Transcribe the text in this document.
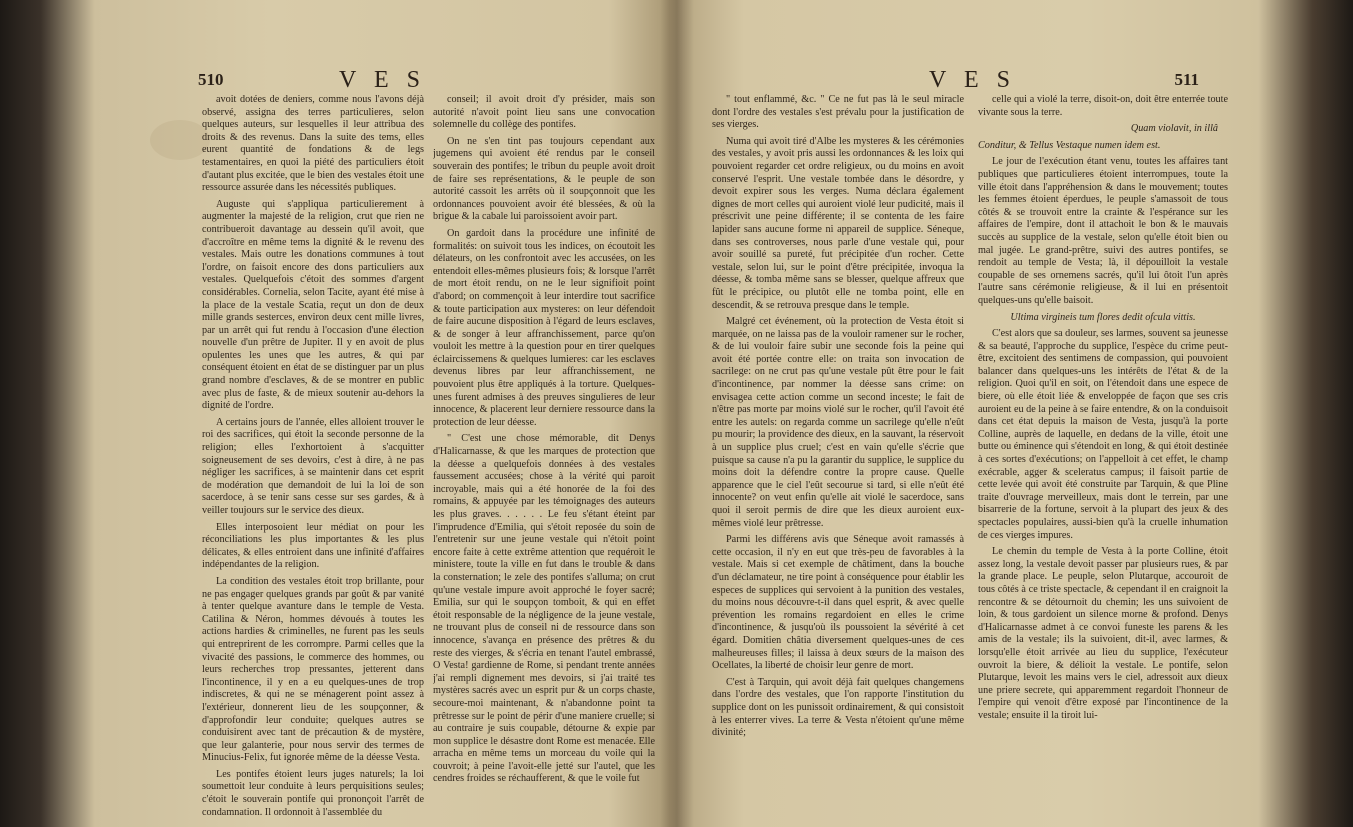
510	V E S

avoit dotées de deniers, comme nous l'avons déjà observé, assigna des terres particulieres, selon quelques auteurs, sur lesquelles il leur attribua des droits & des revenus. Dans la suite des tems, elles eurent quantité de fondations & de legs testamentaires, en quoi la piété des particuliers étoit d'autant plus excitée, que le bien des vestales étoit une ressource assurée dans les nécessités publiques.

Auguste qui s'appliqua particulierement à augmenter la majesté de la religion, crut que rien ne contribueroit davantage au dessein qu'il avoit, que d'accroître en même tems la dignité & le revenu des vestales. Mais outre les donations communes à tout l'ordre, on faisoit encore des dons particuliers aux vestales. Quelquefois c'étoit des sommes d'argent considérables. Cornelia, selon Tacite, ayant été mise à la place de la vestale Scatia, reçut un don de deux mille grands sesterces, environ deux cent mille livres, par un arrêt qui fut rendu à l'occasion d'une élection nouvelle d'un prêtre de Jupiter. Il y en avoit de plus opulentes les unes que les autres, & qui par conséquent étoient en état de se distinguer par un plus grand nombre d'esclaves, & de se montrer en public avec plus de faste, & de mieux soutenir au-dehors la dignité de l'ordre.

A certains jours de l'année, elles alloient trouver le roi des sacrifices, qui étoit la seconde personne de la religion; elles l'exhortoient à s'acquitter soigneusement de ses devoirs, c'est à dire, à ne pas négliger les sacrifices, à se maintenir dans cet esprit de modération que demandoit de lui la loi de son sacerdoce, à se tenir sans cesse sur ses gardes, & à veiller toujours sur le service des dieux.

Elles interposoient leur médiat on pour les réconciliations les plus importantes & les plus délicates, & elles entroient dans une infinité d'affaires indépendantes de la religion.

La condition des vestales étoit trop brillante, pour ne pas engager quelques grands par goût & par vanité à tenter quelque avanture dans le temple de Vesta. Catilina & Néron, hommes dévoués à toutes les actions hardies & criminelles, ne furent pas les seuls qui entreprirent de les corrompre. Parmi celles que la vivacité des passions, le commerce des hommes, ou leurs recherches trop pressantes, jetterent dans l'incontinence, il y en a eu quelques-unes de trop indiscretes, & qui ne se ménagerent point assez à l'extérieur, donnerent lieu de les soupçonner, & d'approfondir leur conduite; quelques autres se conduisirent avec tant de précaution & de mystère, que leur galanterie, pour nous servir des termes de Minucius-Felix, fut ignorée même de la déesse Vesta.

Les pontifes étoient leurs juges naturels; la loi soumettoit leur conduite à leurs perquisitions seules; c'étoit le souverain pontife qui prononçoit l'arrêt de condamnation. Il ordonnoit à l'assemblée du

conseil; il avoit droit d'y présider, mais son autorité n'avoit point lieu sans une convocation solemnelle du collège des pontifes.

On ne s'en tint pas toujours cependant aux jugemens qui avoient été rendus par le conseil souverain des pontifes; le tribun du peuple avoit droit de faire ses représentations, & le peuple de son autorité cassoit les arrêts où il soupçonnoit que les ordonnances pouvoient avoir été blessées, & où la brigue & la cabale lui paroissoient avoir part.

On gardoit dans la procédure une infinité de formalités: on suivoit tous les indices, on écoutoit les délateurs, on les confrontoit avec les accusées, on les entendoit elles-mêmes plusieurs fois; & lorsque l'arrêt de mort étoit rendu, on ne le leur signifioit point d'abord; on commençoit à leur interdire tout sacrifice & toute participation aux mysteres: on leur défendoit de faire aucune disposition à l'égard de leurs esclaves, & de songer à leur affranchissement, parce qu'on vouloit les mettre à la question pour en tirer quelques éclaircissemens & quelques lumieres: car les esclaves devenus libres par leur affranchissement, ne pouvoient plus être appliqués à la torture. Quelques-unes furent admises à des preuves singulieres de leur innocence, & placerent leur derniere ressource dans la protection de leur déesse.

" C'est une chose mémorable, dit Denys d'Halicarnasse, & que les marques de protection que la déesse a quelquefois données à des vestales faussement accusées; chose à la vérité qui paroit incroyable, mais qui a été honorée de la foi des romains, & appuyée par les témoignages des auteurs les plus graves. . . . . . Le feu s'étant éteint par l'imprudence d'Emilia, qui s'étoit reposée du soin de l'entretenir sur une jeune vestale qui n'étoit point encore faite à cette extrême attention que requéroit le ministere, toute la ville en fut dans le trouble & dans la consternation; le zele des pontifes s'alluma; on crut qu'une vestale impure avoit approché le foyer sacré; Emilia, sur qui le soupçon tomboit, & qui en effet étoit responsable de la négligence de la jeune vestale, ne trouvant plus de conseil ni de ressource dans son innocence, s'avança en présence des prêtres & du reste des vierges, & s'écria en tenant l'autel embrassé, O Vesta! gardienne de Rome, si pendant trente années j'ai rempli dignement mes devoirs, si j'ai traité tes mystères sacrés avec un esprit pur & un corps chaste, secoure-moi maintenant, & n'abandonne point ta prêtresse sur le point de périr d'une maniere cruelle; si au contraire je suis coupable, détourne & expie par mon supplice le désastre dont Rome est menacée. Elle arracha en même tems un morceau du voile qui la couvroit; à peine l'avoit-elle jetté sur l'autel, que les cendres froides se réchaufferent, & que le voile fut

V E S	511

" tout enflammé, &c. " Ce ne fut pas là le seul miracle dont l'ordre des vestales s'est prévalu pour la justification de ses vierges.

Numa qui avoit tiré d'Albe les mysteres & les cérémonies des vestales, y avoit pris aussi les ordonnances & les loix qui pouvoient regarder cet ordre religieux, ou du moins en avoit conservé l'esprit. Une vestale tombée dans le désordre, y devoit expirer sous les verges. Numa déclara également dignes de mort celles qui auroient violé leur pudicité, mais il préscrivit une peine différente; il se contenta de les faire lapider sans aucune forme ni appareil de supplice. Séneque, dans ses controverses, nous parle d'une vestale qui, pour avoir souillé sa pureté, fut précipitée d'un rocher. Cette vestale, selon lui, sur le point d'être précipitée, invoqua la déesse, & tomba même sans se blesser, quelque affreux que fût le précipice, ou plutôt elle ne tomba point, elle en descendit, & se retrouva presque dans le temple.

Malgré cet événement, où la protection de Vesta étoit si marquée, on ne laissa pas de la vouloir ramener sur le rocher, & de lui vouloir faire subir une seconde fois la peine qui avoit été portée contre elle: on traita son invocation de sacrilege: on ne crut pas qu'une vestale pût être pour le fait d'incontinence, par nommer la déesse sans crime: on envisagea cette action comme un second inceste; le fait de n'être pas morte par moins violé sur le rocher, qu'il l'avoit été entre les autels: on regarda comme un sacrilege qu'elle n'eût pu mourir; la providence des dieux, en la sauvant, la réservoit à un supplice plus cruel; c'est en vain qu'elle s'écrie que puisque sa cause n'a pu la garantir du supplice, le supplice du moins doit la défendre contre la propre cause. Quelle apparence que le ciel l'eût secourue si tard, si elle n'eût été innocente? on veut enfin qu'elle ait violé le sacerdoce, sans quoi il seroit permis de dire que les dieux auroient eux-mêmes violé leur prêtresse.

Parmi les différens avis que Séneque avoit ramassés à cette occasion, il n'y en eut que très-peu de favorables à la vestale. Mais si cet exemple de châtiment, dans la bouche d'un déclamateur, ne tire point à conséquence pour établir les especes de supplices qui servoient à la punition des vestales, du moins nous découvre-t-il dans quel esprit, & avec quelle prévention les romains regardoient en elles le crime d'incontinence, & jusqu'où ils poussoient la sévérité à cet égard. Domitien châtia diversement quelques-unes de ces malheureuses filles; il laissa à deux sœurs de la maison des Ocellates, la liberté de choisir leur genre de mort.

C'est à Tarquin, qui avoit déjà fait quelques changemens dans l'ordre des vestales, que l'on rapporte l'institution du supplice dont on les punissoit ordinairement, & qui consistoit à les enterrer vives. La terre & Vesta n'étoient qu'une même divinité;

celle qui a violé la terre, disoit-on, doit être enterrée toute vivante sous la terre.

Quam violavit, in illâ

Conditur, & Tellus Vestaque numen idem est.

Le jour de l'exécution étant venu, toutes les affaires tant publiques que particulieres étoient interrompues, toute la ville étoit dans l'appréhension & dans le mouvement; toutes les femmes étoient éperdues, le peuple s'amassoit de tous côtés & se trouvoit entre la crainte & l'espérance sur les affaires de l'empire, dont il attachoit le bon & le mauvais succès au supplice de la vestale, selon qu'elle étoit bien ou mal jugée. Le grand-prêtre, suivi des autres pontifes, se rendoit au temple de Vesta; là, il dépouilloit la vestale coupable de ses ornemens sacrés, qu'il lui ôtoit l'un après l'autre sans cérémonie religieuse, & il lui en présentoit quelques-uns qu'elle baisoit.

Ultima virgineis tum flores dedit ofcula vittis.

C'est alors que sa douleur, ses larmes, souvent sa jeunesse & sa beauté, l'approche du supplice, l'espèce du crime peut-être, excitoient des sentimens de compassion, qui pouvoient balancer dans quelques-uns les intérêts de l'état & de la religion. Quoi qu'il en soit, on l'étendoit dans une espece de biere, où elle étoit liée & enveloppée de façon que ses cris auroient eu de la peine à se faire entendre, & on la conduisoit dans cet état depuis la maison de Vesta, jusqu'à la porte Colline, auprès de laquelle, en dedans de la ville, étoit une butte ou éminence qui s'étendoit en long, & qui étoit destinée à ces sortes d'exécutions; on l'appelloit à cet effet, le champ exécrable, agger & sceleratus campus; il faisoit partie de cette levée qui avoit été construite par Tarquin, & que Pline traite d'ouvrage merveilleux, mais dont le terrein, par une bisarrerie de la fortune, servoit à la plupart des jeux & des spectacles populaires, aussi-bien qu'à la cruelle inhumation de ces vierges impures.

Le chemin du temple de Vesta à la porte Colline, étoit assez long, la vestale devoit passer par plusieurs rues, & par la grande place. Le peuple, selon Plutarque, accouroit de tous côtés à ce triste spectacle, & cependant il en craignoit la rencontre & se détournoit du chemin; les uns suivoient de loin, & tous gardoient un silence morne & profond. Denys d'Halicarnasse admet à ce convoi funeste les parens & les amis de la vestale; ils la suivoient, dit-il, avec larmes, & lorsqu'elle étoit arrivée au lieu du supplice, l'exécuteur ouvroit la biere, & délioit la vestale. Le pontife, selon Plutarque, levoit les mains vers le ciel, adressoit aux dieux une priere secrete, qui apparemment regardoit l'honneur de l'empire qui venoit d'être exposé par l'incontinence de la vestale; ensuite il la tiroit lui-
